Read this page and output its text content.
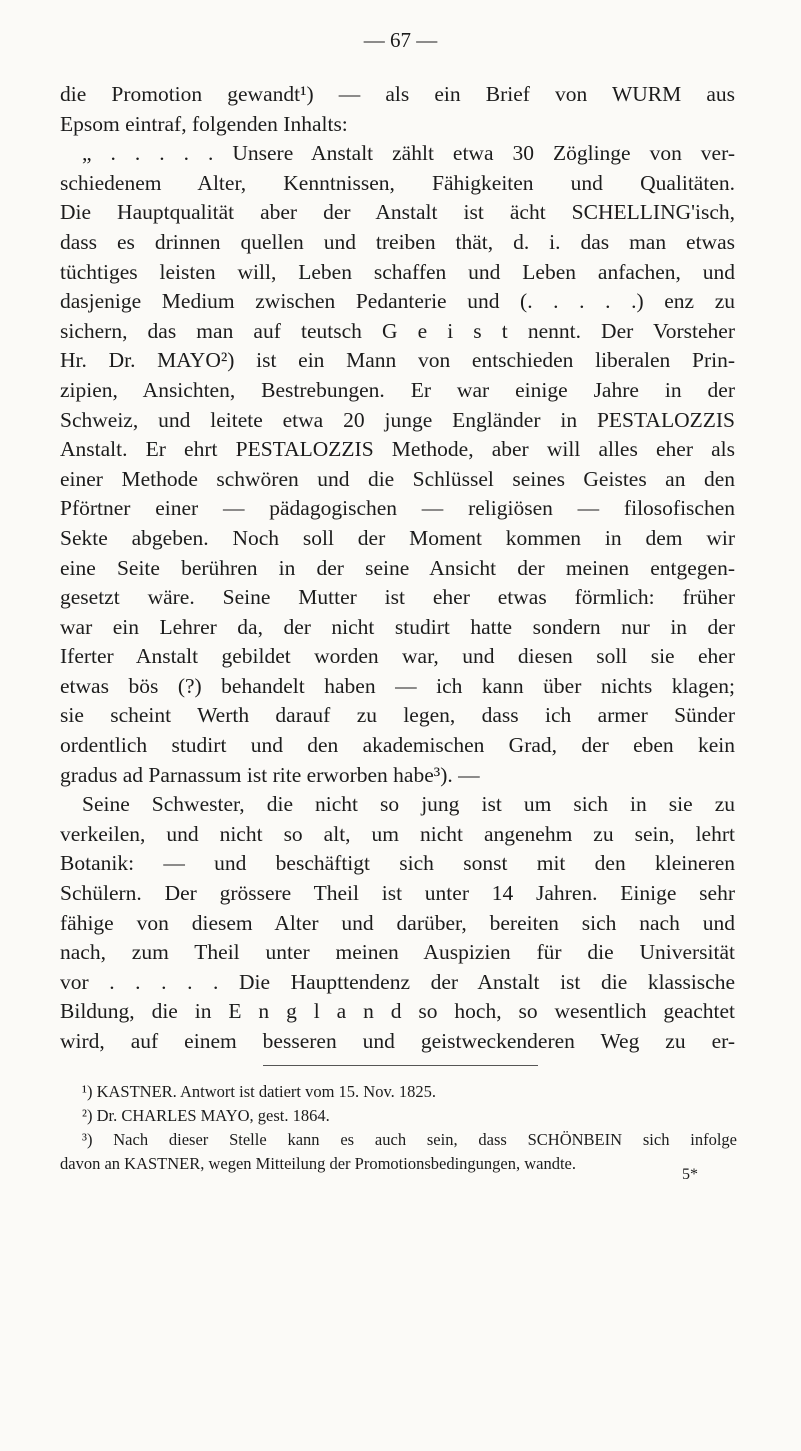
— 67 —
die Promotion gewandt¹) — als ein Brief von WURM aus
Epsom eintraf, folgenden Inhalts:
„ . . . . . Unsere Anstalt zählt etwa 30 Zöglinge von ver-
schiedenem Alter, Kenntnissen, Fähigkeiten und Qualitäten.
Die Hauptqualität aber der Anstalt ist ächt SCHELLING'isch,
dass es drinnen quellen und treiben thät, d. i. das man etwas
tüchtiges leisten will, Leben schaffen und Leben anfachen, und
dasjenige Medium zwischen Pedanterie und (. . . . .) enz zu
sichern, das man auf teutsch G e i s t nennt. Der Vorsteher
Hr. Dr. MAYO²) ist ein Mann von entschieden liberalen Prin-
zipien, Ansichten, Bestrebungen. Er war einige Jahre in der
Schweiz, und leitete etwa 20 junge Engländer in PESTALOZZIS
Anstalt. Er ehrt PESTALOZZIS Methode, aber will alles eher als
einer Methode schwören und die Schlüssel seines Geistes an den
Pförtner einer — pädagogischen — religiösen — filosofischen
Sekte abgeben. Noch soll der Moment kommen in dem wir
eine Seite berühren in der seine Ansicht der meinen entgegen-
gesetzt wäre. Seine Mutter ist eher etwas förmlich: früher
war ein Lehrer da, der nicht studirt hatte sondern nur in der
Iferter Anstalt gebildet worden war, und diesen soll sie eher
etwas bös (?) behandelt haben — ich kann über nichts klagen;
sie scheint Werth darauf zu legen, dass ich armer Sünder
ordentlich studirt und den akademischen Grad, der eben kein
gradus ad Parnassum ist rite erworben habe³). —
Seine Schwester, die nicht so jung ist um sich in sie zu
verkeilen, und nicht so alt, um nicht angenehm zu sein, lehrt
Botanik: — und beschäftigt sich sonst mit den kleineren
Schülern. Der grössere Theil ist unter 14 Jahren. Einige sehr
fähige von diesem Alter und darüber, bereiten sich nach und
nach, zum Theil unter meinen Auspizien für die Universität
vor . . . . . Die Haupttendenz der Anstalt ist die klassische
Bildung, die in E n g l a n d so hoch, so wesentlich geachtet
wird, auf einem besseren und geistweckenderen Weg zu er-
¹) KASTNER. Antwort ist datiert vom 15. Nov. 1825.
²) Dr. CHARLES MAYO, gest. 1864.
³) Nach dieser Stelle kann es auch sein, dass SCHÖNBEIN sich infolge
davon an KASTNER, wegen Mitteilung der Promotionsbedingungen, wandte.
5*
